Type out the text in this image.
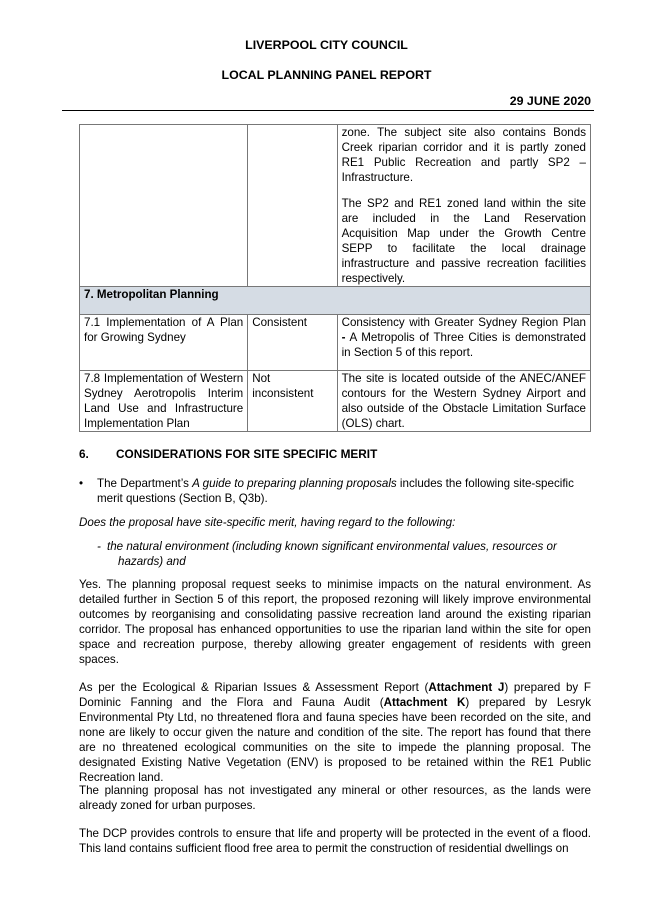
LIVERPOOL CITY COUNCIL
LOCAL PLANNING PANEL REPORT
29 JUNE 2020

		zone. The subject site also contains Bonds Creek riparian corridor and it is partly zoned RE1 Public Recreation and partly SP2 – Infrastructure.
The SP2 and RE1 zoned land within the site are included in the Land Reservation Acquisition Map under the Growth Centre SEPP to facilitate the local drainage infrastructure and passive recreation facilities respectively.

7. Metropolitan Planning		
7.1 Implementation of A Plan for Growing Sydney	Consistent	Consistency with Greater Sydney Region Plan - A Metropolis of Three Cities is demonstrated in Section 5 of this report.
7.8 Implementation of Western Sydney Aerotropolis Interim Land Use and Infrastructure Implementation Plan	Not inconsistent	The site is located outside of the ANEC/ANEF contours for the Western Sydney Airport and also outside of the Obstacle Limitation Surface (OLS) chart.
6. CONSIDERATIONS FOR SITE SPECIFIC MERIT
• The Department’s A guide to preparing planning proposals includes the following site-specific merit questions (Section B, Q3b).
Does the proposal have site-specific merit, having regard to the following:
- the natural environment (including known significant environmental values, resources or
hazards) and
Yes. The planning proposal request seeks to minimise impacts on the natural environment. As detailed further in Section 5 of this report, the proposed rezoning will likely improve environmental outcomes by reorganising and consolidating passive recreation land around the existing riparian corridor. The proposal has enhanced opportunities to use the riparian land within the site for open space and recreation purpose, thereby allowing greater engagement of residents with green spaces.
As per the Ecological & Riparian Issues & Assessment Report (Attachment J) prepared by F Dominic Fanning and the Flora and Fauna Audit (Attachment K) prepared by Lesryk Environmental Pty Ltd, no threatened flora and fauna species have been recorded on the site, and none are likely to occur given the nature and condition of the site. The report has found that there are no threatened ecological communities on the site to impede the planning proposal. The designated Existing Native Vegetation (ENV) is proposed to be retained within the RE1 Public Recreation land.
The planning proposal has not investigated any mineral or other resources, as the lands were already zoned for urban purposes.
The DCP provides controls to ensure that life and property will be protected in the event of a flood. This land contains sufficient flood free area to permit the construction of residential dwellings on
